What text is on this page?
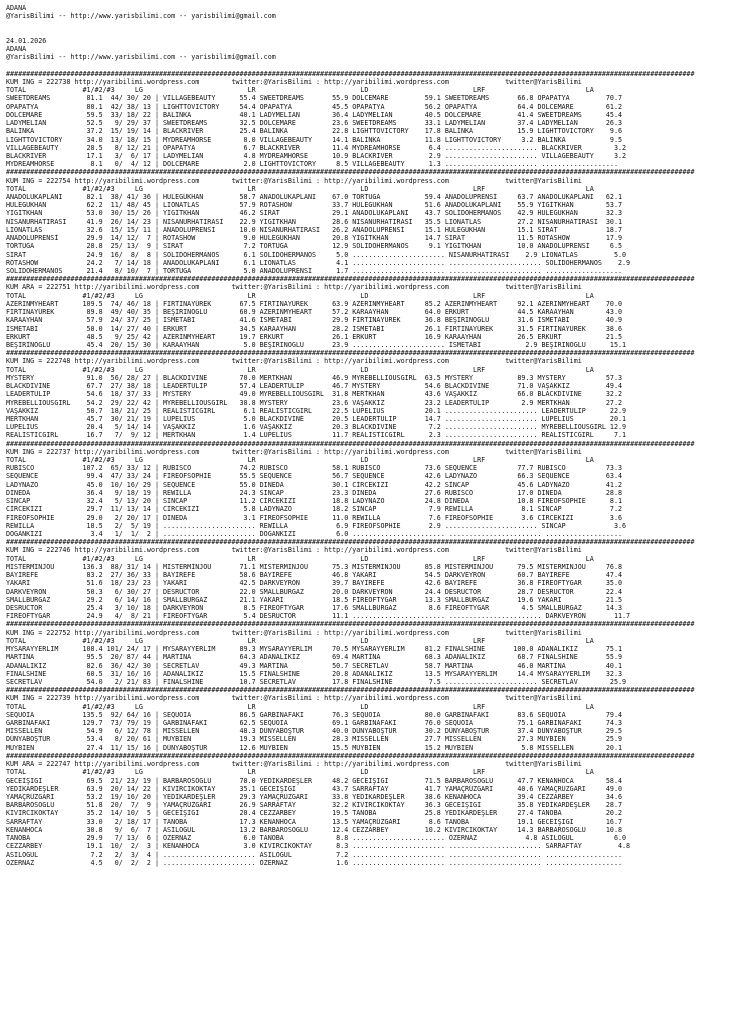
ADANA
@YarisBilimi -- http://www.yarisbilimi.com -- yarisbilimi@gmail.com
24.01.2026
ADANA
@YarisBilimi -- http://www.yarisbilimi.com -- yarisbilimi@gmail.com
###########################################################################################################################################################################
KUM ING = 222738 http://yaribilimi.wordpress.com        twitter:@YarisBilimi : http://yaribilimi.wordpress.com              twitter@YarisBilimi
TOTAL              #1/#2/#3     LG                          LR                          LD                          LRF                         LA
SWEETDREAMS         81.1  44/ 30/ 20 | VILLAGEBEAUTY      55.4 SWEETDREAMS       55.9 DOLCEMARE         59.1 SWEETDREAMS       66.8 OPAPATYA         70.7
OPAPATYA            80.1  42/ 38/ 13 | LIGHTTOVICTORY     54.4 OPAPATYA          45.5 OPAPATYA          56.2 OPAPATYA          64.4 DOLCEMARE        61.2
DOLCEMARE           59.5  33/ 18/ 22 | BALİNKA            40.1 LADYMELIAN        36.4 LADYMELIAN        40.5 DOLCEMARE         41.4 SWEETDREAMS      45.4
LADYMELIAN          52.5   9/ 29/ 37 | SWEETDREAMS        32.5 DOLCEMARE         23.6 SWEETDREAMS       33.1 LADYMELIAN        37.4 LADYMELIAN       26.3
BALİNKA             37.2  15/ 19/ 14 | BLACKRIVER         25.4 BALİNKA           22.8 LIGHTTOVICTORY    17.8 BALİNKA           15.9 LIGHTTOVICTORY    9.6
LIGHTTOVICTORY      34.0  13/ 18/ 15 | MYDREAMHORSE        8.0 VILLAGEBEAUTY     14.1 BALİNKA           11.8 LIGHTTOVICTORY     3.2 BALİNKA           9.5
VILLAGEBEAUTY       28.5   8/ 12/ 21 | OPAPATYA            6.7 BLACKRIVER        11.4 MYDREAMHORSE       6.4 ....................... BLACKRIVER        3.2
BLACKRIVER          17.1   3/  6/ 17 | LADYMELIAN          4.8 MYDREAMHORSE      10.9 BLACKRIVER         2.9 ....................... VILLAGEBEAUTY     3.2
MYDREAMHORSE         8.1   0/  4/ 12 | DOLCEMARE           2.0 LIGHTTOVICTORY     8.5 VILLAGEBEAUTY      1.3 ....................... ...................
###########################################################################################################################################################################
KUM ING = 222754 http://yaribilimi.wordpress.com        twitter:@YarisBilimi : http://yaribilimi.wordpress.com              twitter@YarisBilimi
TOTAL              #1/#2/#3     LG                          LR                          LD                          LRF                         LA
ANADOLUKAPLANI      82.1  38/ 41/ 36 | HULEGUKHAN         58.7 ANADOLUKAPLANI    67.0 TORTUGA           59.4 ANADOLUPRENSİ     63.7 ANADOLUKAPLANI   62.1
HULEGUKHAN          62.2  11/ 48/ 45 | LIONATLAS          57.9 ROTASHOW          33.7 HULEGUKHAN        51.6 ANADOLUKAPLANI    55.9 YİĞİTKHAN        53.7
YİĞİTKHAN           53.0  30/ 15/ 26 | YİĞİTKHAN          46.2 SIRAT             29.1 ANADOLUKAPLANI    43.7 SOLİDOHERMANOS    42.9 HULEGUKHAN       32.3
NISANURHATIRASI     41.9  26/ 14/ 23 | NISANURHATIRASI    22.9 YİĞİTKHAN         28.6 NISANURHATIRASI   35.5 LIONATLAS         27.2 NISANURHATIRASI  30.1
LIONATLAS           32.6  15/ 15/ 11 | ANADOLUPRENSİ      10.0 NISANURHATIRASI   26.2 ANADOLUPRENSİ     15.1 HULEGUKHAN        15.1 SIRAT            18.7
ANADOLUPRENSİ       29.9  14/ 12/  7 | ROTASHOW            9.0 HULEGUKHAN        20.8 YİĞİTKHAN         14.7 SIRAT             11.5 ROTASHOW         17.9
TORTUGA             28.8  25/ 13/  9 | SIRAT               7.2 TORTUGA           12.9 SOLİDOHERMANOS     9.1 YİĞİTKHAN         10.0 ANADOLUPRENSİ     6.5
SIRAT               24.9  16/  8/  8 | SOLİDOHERMANOS      6.1 SOLİDOHERMANOS     5.0 ....................... NISANURHATIRASI    2.9 LIONATLAS         5.0
ROTASHOW            24.2   7/ 14/ 18 | ANADOLUKAPLANI      6.1 LIONATLAS          4.1 ....................... ....................... SOLİDOHERMANOS    2.9
SOLİDOHERMANOS      21.4   8/ 10/  7 | TORTUGA             5.0 ANADOLUPRENSİ      1.7 ....................... ....................... ...................
###########################################################################################################################################################################
KUM ARA = 222751 http://yaribilimi.wordpress.com        twitter:@YarisBilimi : http://yaribilimi.wordpress.com              twitter@YarisBilimi
TOTAL              #1/#2/#3     LG                          LR                          LD                          LRF                         LA
AZERINMYHEART      109.5  74/ 46/ 18 | FIRTINAYÜREK       67.5 FIRTINAYÜREK      63.9 AZERINMYHEART     85.2 AZERINMYHEART     92.1 AZERINMYHEART    70.0
FIRTINAYÜREK        89.8  49/ 40/ 35 | BEŞİRINOĞLU        60.9 AZERINMYHEART     57.2 KARAAYHAN         64.0 ERKURT            44.5 KARAAYHAN        43.0
KARAAYHAN           57.9  24/ 37/ 25 | İSMETABI           41.6 İSMETABI          29.9 FIRTINAYÜREK      36.8 BEŞİRINOĞLU       31.6 İSMETABI         40.9
İSMETABI            50.0  14/ 27/ 40 | ERKURT             34.5 KARAAYHAN         28.2 İSMETABI          26.1 FIRTINAYÜREK      31.5 FIRTINAYÜREK     38.6
ERKURT              48.5   9/ 25/ 42 | AZERINMYHEART      19.7 ERKURT            26.1 ERKURT            16.9 KARAAYHAN         26.5 ERKURT           21.5
BEŞİRINOĞLU         45.4  20/ 15/ 30 | KARAAYHAN           5.0 BEŞİRINOĞLU       23.9 ....................... İSMETABI           2.9 BEŞİRINOĞLU      15.1
###########################################################################################################################################################################
KUM ING = 222748 http://yaribilimi.wordpress.com        twitter:@YarisBilimi : http://yaribilimi.wordpress.com              twitter@YarisBilimi
TOTAL              #1/#2/#3     LG                          LR                          LD                          LRF                         LA
MYSTERY             91.0  56/ 28/ 27 | BLACKDIVINE        70.0 MERTKHAN          46.9 MYREBELLIOUSGIRL  63.5 MYSTERY           89.3 MYSTERY          57.3
BLACKDIVINE         67.7  27/ 38/ 18 | LEADERTULIP        57.4 LEADERTULIP       46.7 MYSTERY           54.6 BLACKDIVINE       71.0 VAŞAKKIZ         49.4
LEADERTULIP         54.6  18/ 37/ 33 | MYSTERY            49.0 MYREBELLIOUSGIRL  31.8 MERTKHAN          43.6 VAŞAKKIZ          66.0 BLACKDIVINE      32.2
MYREBELLIOUSGIRL    54.2  29/ 22/ 42 | MYREBELLIOUSGIRL   38.8 MYSTERY           23.6 VAŞAKKIZ          23.2 LEADERTULIP        2.9 MERTKHAN         27.2
VAŞAKKIZ            50.7  18/ 21/ 25 | REALISTICGIRL       6.1 REALISTICGIRL     22.5 LUPELIUS          20.1 ....................... LEADERTULIP      22.9
MERTKHAN            45.7  30/ 21/ 19 | LUPELIUS            5.0 BLACKDIVINE       20.5 LEADERTULIP       14.7 ....................... LUPELIUS         20.1
LUPELIUS            20.4   5/ 14/ 14 | VAŞAKKIZ            1.6 VAŞAKKIZ          20.3 BLACKDIVINE        7.2 ....................... MYREBELLIOUSGIRL 12.9
REALISTICGIRL       16.7   7/  9/ 12 | MERTKHAN            1.4 LUPELIUS          11.7 REALISTICGIRL      2.3 ....................... REALISTICGIRL     7.1
###########################################################################################################################################################################
KUM ING = 222737 http://yaribilimi.wordpress.com        twitter:@YarisBilimi : http://yaribilimi.wordpress.com              twitter@YarisBilimi
TOTAL              #1/#2/#3     LG                          LR                          LD                          LRF                         LA
RUBISCO            107.2  65/ 33/ 12 | RUBISCO            74.2 RUBISCO           58.1 RUBISCO           73.6 SEQUENCE          77.7 RUBISCO          73.3
SEQUENCE            99.4  47/ 33/ 24 | FIREOFSOPHIE       55.5 SEQUENCE          56.7 SEQUENCE          42.6 LADYNAZO          66.3 SEQUENCE         63.4
LADYNAZO            45.0  10/ 16/ 29 | SEQUENCE           55.0 DINEDA            30.1 CİRCEKIZI         42.2 SİNCAP            45.6 LADYNAZO         41.2
DİNEDA              36.4   9/ 18/ 19 | REWILLA            24.3 SİNCAP            23.3 DINEDA            27.6 RUBISCO           17.0 DİNEDA           28.8
SİNCAP              32.4   5/ 13/ 20 | SİNCAP             11.2 CİRCEKIZI         18.8 LADYNAZO          24.8 DİNEDA            10.8 FIREOFSOPHIE      8.1
CİRCEKIZI           29.7  11/ 13/ 14 | CİRCEKIZI           5.8 LADYNAZO          18.2 SİNCAP             7.9 REWILLA            8.1 SİNCAP            7.2
FIREOFSOPHIE        29.0   2/ 20/ 17 | DİNEDA              3.1 FIREOFSOPHIE      11.0 REWILLA            7.6 FIREOFSOPHIE       3.6 CİRCEKIZI         3.6
REWILLA             18.5   2/  5/ 19 | ....................... REWILLA            6.9 FIREOFSOPHIE       2.9 ....................... SİNCAP            3.6
DOĞANKIZI            3.4   1/  1/  2 | ....................... DOĞANKIZI          6.0 ....................... ....................... ...................
###########################################################################################################################################################################
KUM ING = 222746 http://yaribilimi.wordpress.com        twitter:@YarisBilimi : http://yaribilimi.wordpress.com              twitter@YarisBilimi
TOTAL              #1/#2/#3     LG                          LR                          LD                          LRF                         LA
MISTERMINJOU       136.3  88/ 31/ 14 | MISTERMINJOU       71.1 MISTERMINJOU      75.3 MISTERMINJOU      85.8 MISTERMINJOU      79.5 MISTERMINJOU     76.8
BAYIREFE            83.2  27/ 36/ 33 | BAYIREFE           58.6 BAYIREFE          46.8 YAKARI            54.5 DARKVEYRON        60.7 BAYIREFE         47.4
YAKARI              51.6  18/ 23/ 23 | YAKARI             42.5 DARKVEYRON        39.7 BAYIREFE          42.6 BAYIREFE          36.8 FIREOFTYGAR      35.0
DARKVEYRON          50.3   6/ 30/ 27 | DESRUCTOR          22.0 SMALLBURGAZ       20.0 DARKVEYRON        24.4 DESRUCTOR         28.7 DESRUCTOR        22.4
SMALLBURGAZ         29.2   6/ 14/ 16 | SMALLBURGAZ        21.1 YAKARI            18.5 FIREOFTYGAR       13.3 SMALLBURGAZ       19.6 YAKARI           21.5
DESRUCTOR           25.4   3/ 10/ 18 | DARKVEYRON          8.5 FIREOFTYGAR       17.6 SMALLBURGAZ        8.6 FIREOFTYGAR        4.5 SMALLBURGAZ      14.3
FIREOFTYGAR         24.9   4/  8/ 21 | FIREOFTYGAR         5.4 DESRUCTOR         11.1 ....................... ....................... DARKVEYRON       11.7
###########################################################################################################################################################################
KUM ING = 222752 http://yaribilimi.wordpress.com        twitter:@YarisBilimi : http://yaribilimi.wordpress.com              twitter@YarisBilimi
TOTAL              #1/#2/#3     LG                          LR                          LD                          LRF                         LA
MYSARAYYERLIM      108.4 101/ 24/ 17 | MYSARAYYERLIM      89.3 MYSARAYYERLIM     70.5 MYSARAYYERLIM     81.2 FINALSHINE       100.0 ADANALIKIZ       75.1
MARTİNA             95.5  20/ 87/ 44 | MARTİNA            64.3 ADANALIKIZ        69.4 MARTİNA           68.3 ADANALIKIZ        68.7 FINALSHINE       55.9
ADANALIKIZ          82.6  36/ 42/ 30 | SECRETLAV          49.3 MARTİNA           50.7 SECRETLAV         58.7 MARTİNA           46.0 MARTİNA          40.1
FINALSHINE          60.5  31/ 16/ 16 | ADANALIKIZ         15.5 FINALSHINE        20.8 ADANALIKIZ        13.5 MYSARAYYERLIM     14.4 MYSARAYYERLIM    32.3
SECRETLAV           54.0   2/ 21/ 83 | FINALSHINE         10.7 SECRETLAV         17.8 FINALSHINE         7.5 ....................... SECRETLAV        25.9
###########################################################################################################################################################################
KUM ING = 222739 http://yaribilimi.wordpress.com        twitter:@YarisBilimi : http://yaribilimi.wordpress.com              twitter@YarisBilimi
TOTAL              #1/#2/#3     LG                          LR                          LD                          LRF                         LA
SEQUOIA            135.5  92/ 64/ 16 | SEQUOIA            86.5 GARBINAFAKI       76.3 SEQUOIA           80.0 GARBINAFAKI       83.6 SEQUOIA          79.4
GARBINAFAKI        129.7  73/ 79/ 19 | GARBINAFAKI        62.5 SEQUOIA           69.1 GARBINAFAKI       76.0 SEQUOIA           75.1 GARBINAFAKI      74.3
MISSELLEN           54.9   6/ 12/ 78 | MISSELLEN          48.3 DÜNYABOŞTUR       40.0 DÜNYABOŞTUR       30.2 DÜNYABOŞTUR       37.4 DÜNYABOŞTUR      29.5
DÜNYABOŞTUR         53.4   8/ 20/ 61 | MUYBIEN            19.3 MISSELLEN         28.3 MISSELLEN         27.7 MISSELLEN         27.3 MUYBIEN          25.9
MUYBIEN             27.4  11/ 15/ 16 | DÜNYABOŞTUR        12.6 MUYBIEN           15.5 MUYBIEN           15.2 MUYBIEN            5.8 MISSELLEN        20.1
###########################################################################################################################################################################
KUM ARA = 222747 http://yaribilimi.wordpress.com        twitter:@YarisBilimi : http://yaribilimi.wordpress.com              twitter@YarisBilimi
TOTAL              #1/#2/#3     LG                          LR                          LD                          LRF                         LA
GECEİŞIĞI           69.5  21/ 23/ 19 | BARBAROSOĞLU       78.0 YEDİKARDEŞLER     48.2 GECEİŞIĞI         71.5 BARBAROSOĞLU      47.7 KENANHOCA        58.4
YEDİKARDEŞLER       63.9  20/ 14/ 22 | KIVIRCIKOKTAY      35.1 GECEİŞIĞI         43.7 SARRAFTAY         41.7 YAMAÇRÜZGARI      40.6 YAMAÇRÜZGARI     49.0
YAMAÇRÜZGARI        53.2  19/ 16/ 20 | YEDİKARDEŞLER      29.3 YAMAÇRÜZGARI      33.8 YEDİKARDEŞLER     38.6 KENANHOCA         39.4 CEZZARBEY        34.6
BARBAROSOĞLU        51.8  20/  7/  9 | YAMAÇRÜZGARI       26.9 SARRAFTAY         32.2 KIVIRCIKOKTAY     36.3 GECEİŞIĞI         35.8 YEDİKARDEŞLER    28.7
KIVIRCIKOKTAY       35.2  14/ 10/  5 | GECEİŞIĞI          20.4 CEZZARBEY         19.5 TANOBA            25.8 YEDİKARDEŞLER     27.4 TANOBA           20.2
SARRAFTAY           33.0   2/ 18/ 17 | TANOBA             17.3 KENANHOCA         13.5 YAMAÇRÜZGARI       8.6 TANOBA            19.1 GECEİŞIĞI        16.7
KENANHOCA           30.8   9/  6/  7 | ASILOĞUL           13.2 BARBAROSOĞLU      12.4 CEZZARBEY         10.2 KIVIRCIKOKTAY     14.3 BARBAROSOĞLU     10.8
TANOBA              29.9   7/ 13/  6 | ÖZERNAZ             6.0 TANOBA             8.8 ....................... ÖZERNAZ            4.8 ASILOĞUL          6.0
CEZZARBEY           19.1  10/  2/  3 | KENANHOCA           3.0 KIVIRCIKOKTAY      8.3 ....................... ....................... SARRAFTAY         4.8
ASILOĞUL             7.2   2/  3/  4 | ....................... ASILOĞUL           7.2 ....................... ....................... ...................
ÖZERNAZ              4.5   0/  2/  2 | ....................... ÖZERNAZ            1.6 ....................... ....................... ...................
